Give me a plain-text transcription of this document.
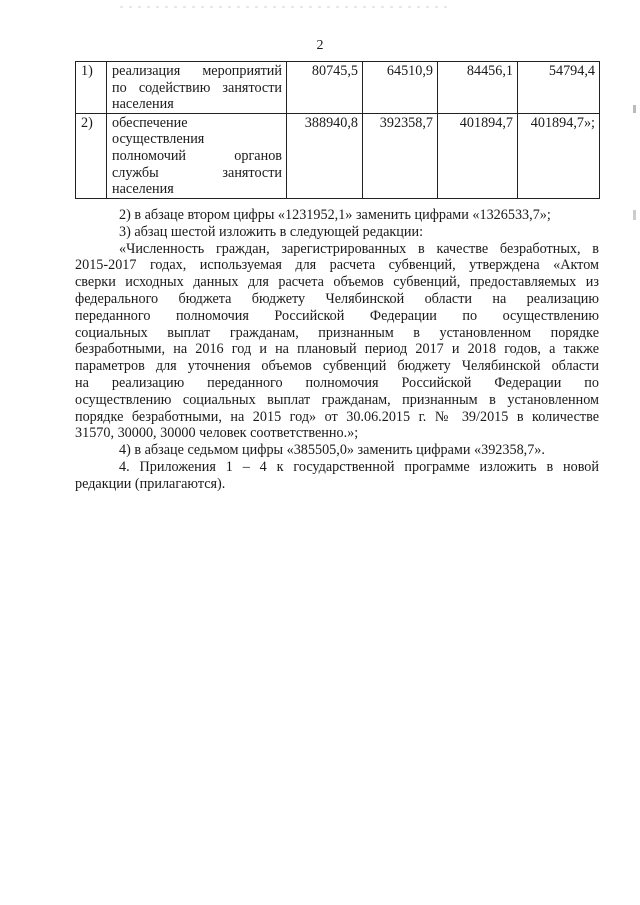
2
1)	реализация мероприятий
по содействию занятости
населения	80745,5	64510,9	84456,1	54794,4
2)	обеспечение
осуществления
полномочий органов
службы занятости
населения	388940,8	392358,7	401894,7	401894,7»;

2) в абзаце втором цифры «1231952,1» заменить цифрами «1326533,7»;

3) абзац шестой изложить в следующей редакции:

«Численность граждан, зарегистрированных в качестве безработных, в
2015-2017 годах, используемая для расчета субвенций, утверждена «Актом
сверки исходных данных для расчета объемов субвенций, предоставляемых из
федерального бюджета бюджету Челябинской области на реализацию
переданного полномочия Российской Федерации по осуществлению
социальных выплат гражданам, признанным в установленном порядке
безработными, на 2016 год и на плановый период 2017 и 2018 годов, а также
параметров для уточнения объемов субвенций бюджету Челябинской области
на реализацию переданного полномочия Российской Федерации по
осуществлению социальных выплат гражданам, признанным в установленном
порядке безработными, на 2015 год» от 30.06.2015 г. № 39/2015 в количестве
31570, 30000, 30000 человек соответственно.»;

4) в абзаце седьмом цифры «385505,0» заменить цифрами «392358,7».

4. Приложения 1 – 4 к государственной программе изложить в новой
редакции (прилагаются).
